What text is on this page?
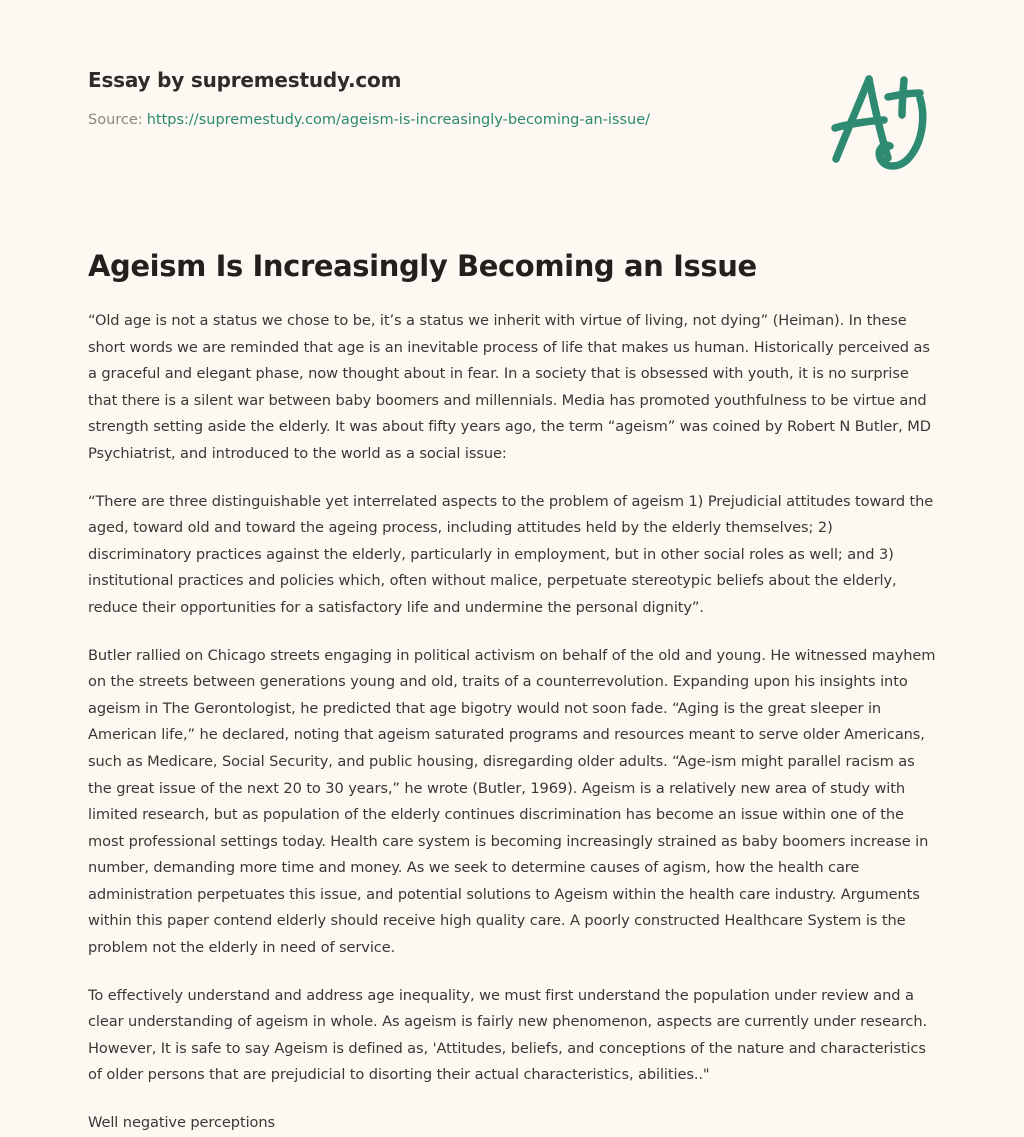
Essay by supremestudy.com
Source: https://supremestudy.com/ageism-is-increasingly-becoming-an-issue/
Ageism Is Increasingly Becoming an Issue

“Old age is not a status we chose to be, it’s a status we inherit with virtue of living, not dying” (Heiman). In these short words we are reminded that age is an inevitable process of life that makes us human. Historically perceived as a graceful and elegant phase, now thought about in fear. In a society that is obsessed with youth, it is no surprise that there is a silent war between baby boomers and millennials. Media has promoted youthfulness to be virtue and strength setting aside the elderly. It was about fifty years ago, the term “ageism” was coined by Robert N Butler, MD Psychiatrist, and introduced to the world as a social issue:

“There are three distinguishable yet interrelated aspects to the problem of ageism 1) Prejudicial attitudes toward the aged, toward old and toward the ageing process, including attitudes held by the elderly themselves; 2) discriminatory practices against the elderly, particularly in employment, but in other social roles as well; and 3) institutional practices and policies which, often without malice, perpetuate stereotypic beliefs about the elderly, reduce their opportunities for a satisfactory life and undermine the personal dignity”.

Butler rallied on Chicago streets engaging in political activism on behalf of the old and young. He witnessed mayhem on the streets between generations young and old, traits of a counterrevolution. Expanding upon his insights into ageism in The Gerontologist, he predicted that age bigotry would not soon fade. “Aging is the great sleeper in American life,” he declared, noting that ageism saturated programs and resources meant to serve older Americans, such as Medicare, Social Security, and public housing, disregarding older adults. “Age-ism might parallel racism as the great issue of the next 20 to 30 years,” he wrote (Butler, 1969). Ageism is a relatively new area of study with limited research, but as population of the elderly continues discrimination has become an issue within one of the most professional settings today. Health care system is becoming increasingly strained as baby boomers increase in number, demanding more time and money. As we seek to determine causes of agism, how the health care administration perpetuates this issue, and potential solutions to Ageism within the health care industry. Arguments within this paper contend elderly should receive high quality care. A poorly constructed Healthcare System is the problem not the elderly in need of service.

To effectively understand and address age inequality, we must first understand the population under review and a clear understanding of ageism in whole. As ageism is fairly new phenomenon, aspects are currently under research. However, It is safe to say Ageism is defined as, 'Attitudes, beliefs, and conceptions of the nature and characteristics of older persons that are prejudicial to disorting their actual characteristics, abilities.."

Well negative perceptions
